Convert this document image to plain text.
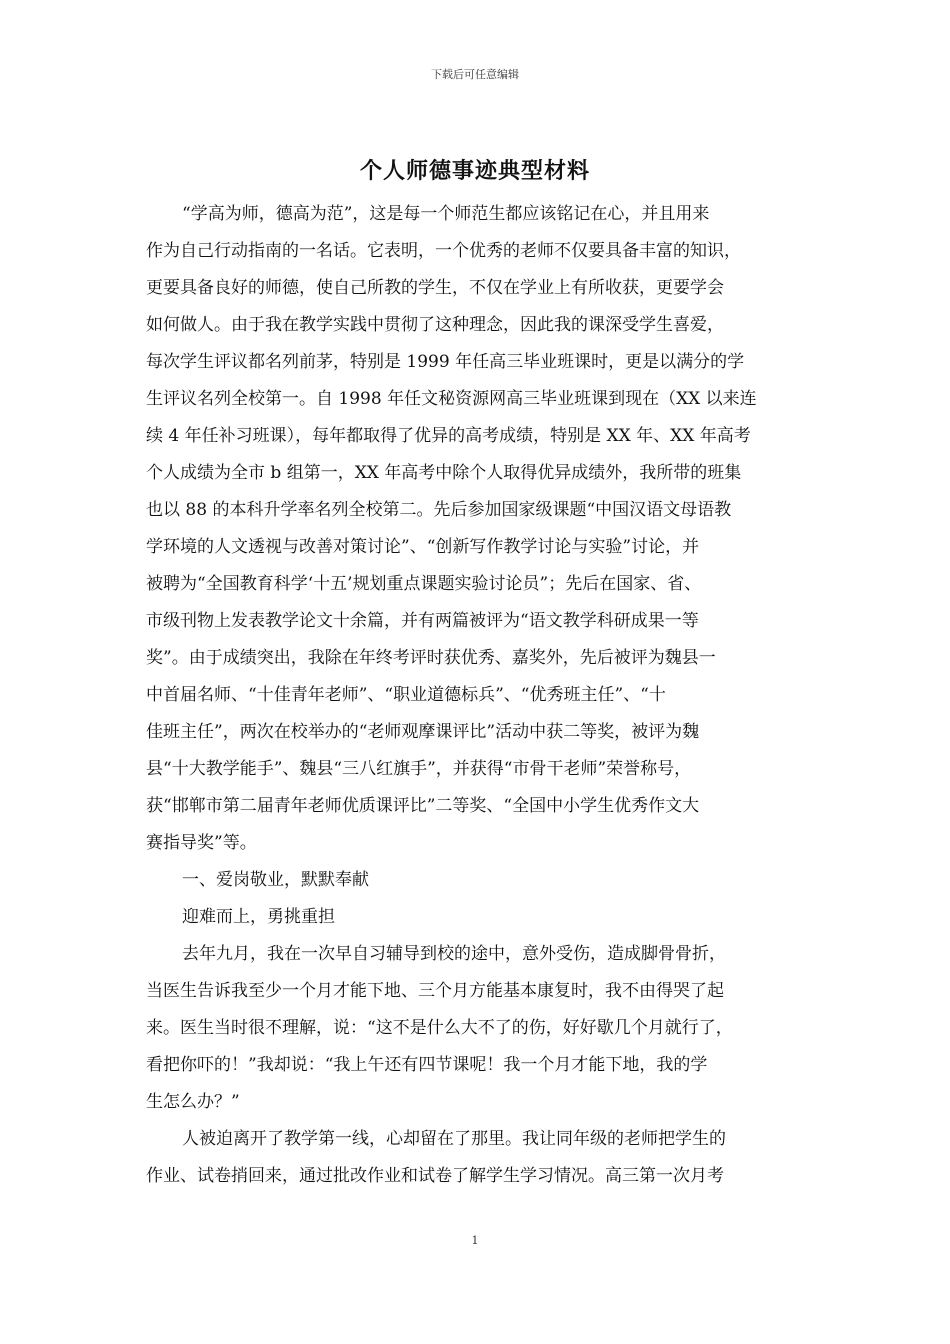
下载后可任意编辑
个人师德事迹典型材料
“学高为师，德高为范”，这是每一个师范生都应该铭记在心，并且用来
作为自己行动指南的一名话。它表明，一个优秀的老师不仅要具备丰富的知识，
更要具备良好的师德，使自己所教的学生，不仅在学业上有所收获，更要学会
如何做人。由于我在教学实践中贯彻了这种理念，因此我的课深受学生喜爱，
每次学生评议都名列前茅，特别是 1999 年任高三毕业班课时，更是以满分的学
生评议名列全校第一。自 1998 年任文秘资源网高三毕业班课到现在（XX 以来连
续 4 年任补习班课），每年都取得了优异的高考成绩，特别是 XX 年、XX 年高考
个人成绩为全市 b 组第一，XX 年高考中除个人取得优异成绩外，我所带的班集
也以 88 的本科升学率名列全校第二。先后参加国家级课题“中国汉语文母语教
学环境的人文透视与改善对策讨论”、“创新写作教学讨论与实验”讨论，并
被聘为“全国教育科学‘十五’规划重点课题实验讨论员”；先后在国家、省、
市级刊物上发表教学论文十余篇，并有两篇被评为“语文教学科研成果一等
奖”。由于成绩突出，我除在年终考评时获优秀、嘉奖外，先后被评为魏县一
中首届名师、“十佳青年老师”、“职业道德标兵”、“优秀班主任”、“十
佳班主任”，两次在校举办的“老师观摩课评比”活动中获二等奖，被评为魏
县“十大教学能手”、魏县“三八红旗手”，并获得“市骨干老师”荣誉称号，
获“邯郸市第二届青年老师优质课评比”二等奖、“全国中小学生优秀作文大
赛指导奖”等。
一、爱岗敬业，默默奉献
迎难而上，勇挑重担
去年九月，我在一次早自习辅导到校的途中，意外受伤，造成脚骨骨折，
当医生告诉我至少一个月才能下地、三个月方能基本康复时，我不由得哭了起
来。医生当时很不理解，说：“这不是什么大不了的伤，好好歇几个月就行了，
看把你吓的！”我却说：“我上午还有四节课呢！我一个月才能下地，我的学
生怎么办？”
人被迫离开了教学第一线，心却留在了那里。我让同年级的老师把学生的
作业、试卷捎回来，通过批改作业和试卷了解学生学习情况。高三第一次月考
1
